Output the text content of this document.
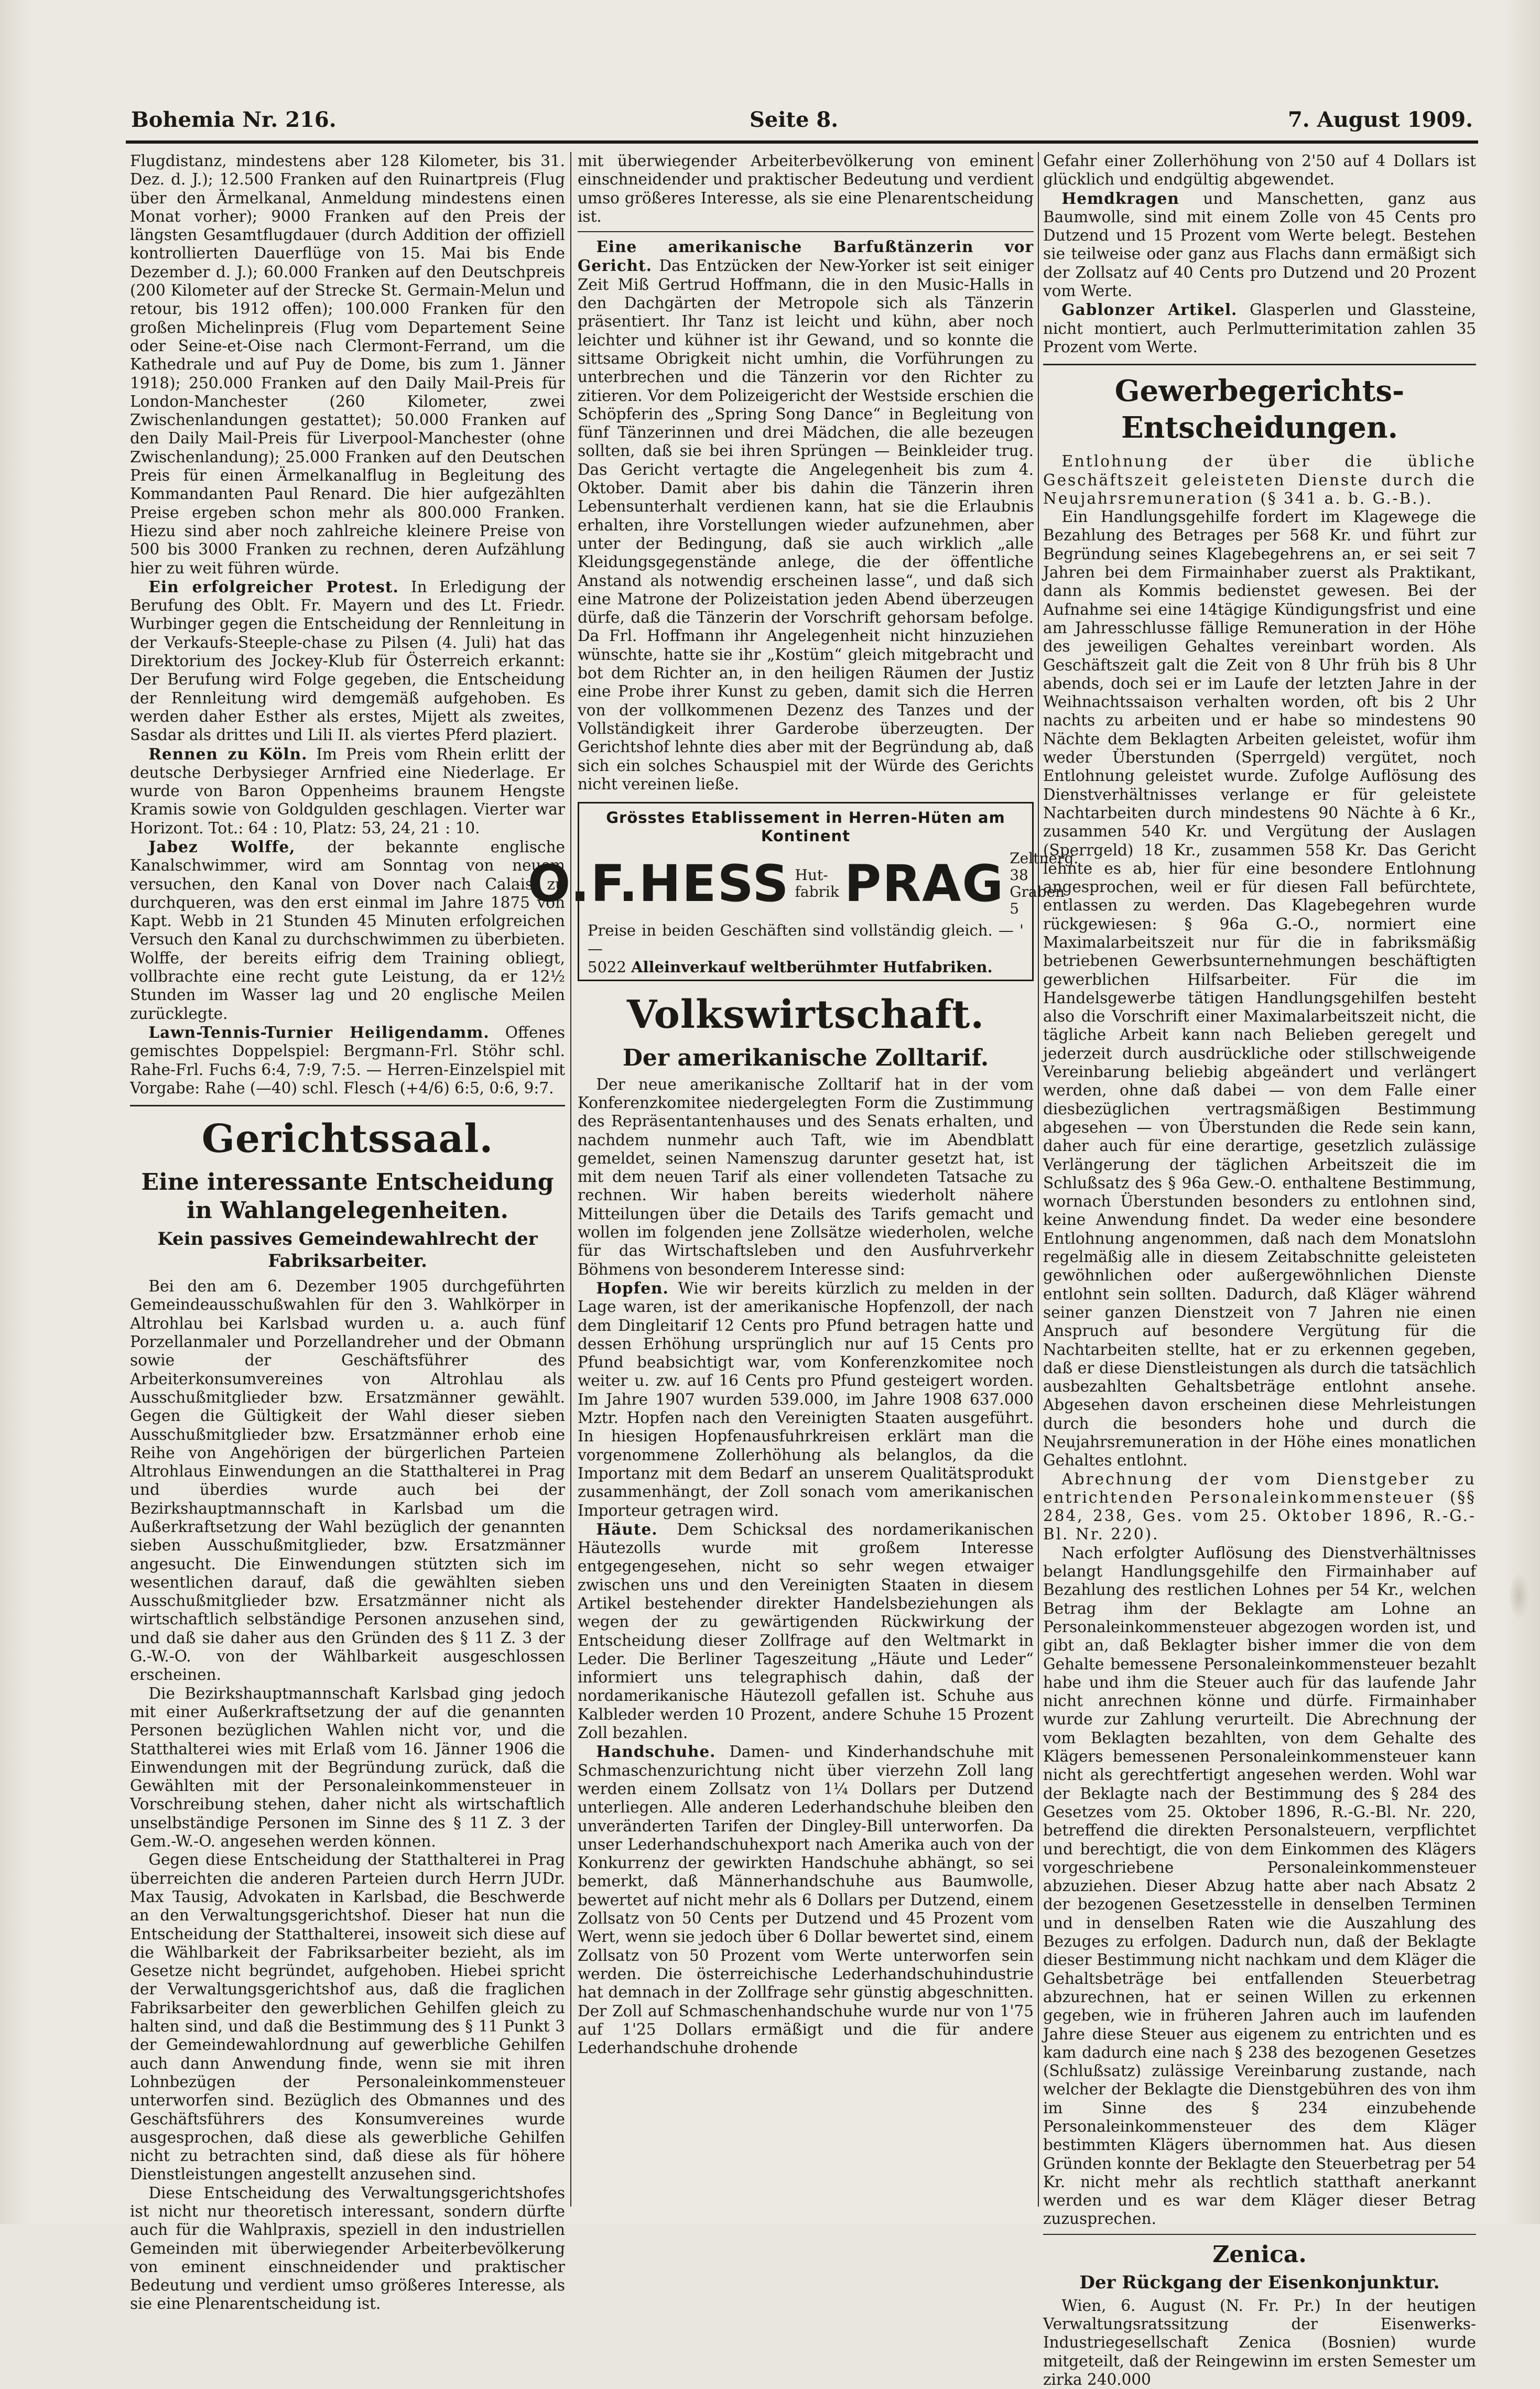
Bohemia Nr. 216.	Seite 8.	7. August 1909.

Flugdistanz, mindestens aber 128 Kilometer, bis 31. Dez. d. J.); 12.500 Franken auf den Ruinartpreis (Flug über den Ärmelkanal, Anmeldung mindestens einen Monat vorher); 9000 Franken auf den Preis der längsten Gesamtflugdauer (durch Addition der offiziell kontrollierten Dauerflüge von 15. Mai bis Ende Dezember d. J.); 60.000 Franken auf den Deutschpreis (200 Kilometer auf der Strecke St. Germain-Melun und retour, bis 1912 offen); 100.000 Franken für den großen Michelinpreis (Flug vom Departement Seine oder Seine-et-Oise nach Clermont-Ferrand, um die Kathedrale und auf Puy de Dome, bis zum 1. Jänner 1918); 250.000 Franken auf den Daily Mail-Preis für London-Manchester (260 Kilometer, zwei Zwischenlandungen gestattet); 50.000 Franken auf den Daily Mail-Preis für Liverpool-Manchester (ohne Zwischenlandung); 25.000 Franken auf den Deutschen Preis für einen Ärmelkanalflug in Begleitung des Kommandanten Paul Renard. Die hier aufgezählten Preise ergeben schon mehr als 800.000 Franken. Hiezu sind aber noch zahlreiche kleinere Preise von 500 bis 3000 Franken zu rechnen, deren Aufzählung hier zu weit führen würde.

Ein erfolgreicher Protest. In Erledigung der Berufung des Oblt. Fr. Mayern und des Lt. Friedr. Wurbinger gegen die Entscheidung der Rennleitung in der Verkaufs-Steeple-chase zu Pilsen (4. Juli) hat das Direktorium des Jockey-Klub für Österreich erkannt: Der Berufung wird Folge gegeben, die Entscheidung der Rennleitung wird demgemäß aufgehoben. Es werden daher Esther als erstes, Mijett als zweites, Sasdar als drittes und Lili II. als viertes Pferd plaziert.

Rennen zu Köln. Im Preis vom Rhein erlitt der deutsche Derbysieger Arnfried eine Niederlage. Er wurde von Baron Oppenheims braunem Hengste Kramis sowie von Goldgulden geschlagen. Vierter war Horizont. Tot.: 64 : 10, Platz: 53, 24, 21 : 10.

Jabez Wolffe, der bekannte englische Kanalschwimmer, wird am Sonntag von neuem versuchen, den Kanal von Dover nach Calais zu durchqueren, was den erst einmal im Jahre 1875 von Kapt. Webb in 21 Stunden 45 Minuten erfolgreichen Versuch den Kanal zu durchschwimmen zu überbieten. Wolffe, der bereits eifrig dem Training obliegt, vollbrachte eine recht gute Leistung, da er 12½ Stunden im Wasser lag und 20 englische Meilen zurücklegte.

Lawn-Tennis-Turnier Heiligendamm. Offenes gemischtes Doppelspiel: Bergmann-Frl. Stöhr schl. Rahe-Frl. Fuchs 6:4, 7:9, 7:5. — Herren-Einzelspiel mit Vorgabe: Rahe (—40) schl. Flesch (+4/6) 6:5, 0:6, 9:7.

Gerichtssaal.
Eine interessante Entscheidung in Wahlangelegenheiten.
Kein passives Gemeindewahlrecht der Fabriksarbeiter.

Bei den am 6. Dezember 1905 durchgeführten Gemeindeausschußwahlen für den 3. Wahlkörper in Altrohlau bei Karlsbad wurden u. a. auch fünf Porzellanmaler und Porzellandreher und der Obmann sowie der Geschäftsführer des Arbeiterkonsumvereines von Altrohlau als Ausschußmitglieder bzw. Ersatzmänner gewählt. Gegen die Gültigkeit der Wahl dieser sieben Ausschußmitglieder bzw. Ersatzmänner erhob eine Reihe von Angehörigen der bürgerlichen Parteien Altrohlaus Einwendungen an die Statthalterei in Prag und überdies wurde auch bei der Bezirkshauptmannschaft in Karlsbad um die Außerkraftsetzung der Wahl bezüglich der genannten sieben Ausschußmitglieder, bzw. Ersatzmänner angesucht. Die Einwendungen stützten sich im wesentlichen darauf, daß die gewählten sieben Ausschußmitglieder bzw. Ersatzmänner nicht als wirtschaftlich selbständige Personen anzusehen sind, und daß sie daher aus den Gründen des § 11 Z. 3 der G.-W.-O. von der Wählbarkeit ausgeschlossen erscheinen.

Die Bezirkshauptmannschaft Karlsbad ging jedoch mit einer Außerkraftsetzung der auf die genannten Personen bezüglichen Wahlen nicht vor, und die Statthalterei wies mit Erlaß vom 16. Jänner 1906 die Einwendungen mit der Begründung zurück, daß die Gewählten mit der Personaleinkommensteuer in Vorschreibung stehen, daher nicht als wirtschaftlich unselbständige Personen im Sinne des § 11 Z. 3 der Gem.-W.-O. angesehen werden können.

Gegen diese Entscheidung der Statthalterei in Prag überreichten die anderen Parteien durch Herrn JUDr. Max Tausig, Advokaten in Karlsbad, die Beschwerde an den Verwaltungsgerichtshof. Dieser hat nun die Entscheidung der Statthalterei, insoweit sich diese auf die Wählbarkeit der Fabriksarbeiter bezieht, als im Gesetze nicht begründet, aufgehoben. Hiebei spricht der Verwaltungsgerichtshof aus, daß die fraglichen Fabriksarbeiter den gewerblichen Gehilfen gleich zu halten sind, und daß die Bestimmung des § 11 Punkt 3 der Gemeindewahlordnung auf gewerbliche Gehilfen auch dann Anwendung finde, wenn sie mit ihren Lohnbezügen der Personaleinkommensteuer unterworfen sind. Bezüglich des Obmannes und des Geschäftsführers des Konsumvereines wurde ausgesprochen, daß diese als gewerbliche Gehilfen nicht zu betrachten sind, daß diese als für höhere Dienstleistungen angestellt anzusehen sind.

Diese Entscheidung des Verwaltungsgerichtshofes ist nicht nur theoretisch interessant, sondern dürfte auch für die Wahlpraxis, speziell in den industriellen Gemeinden mit überwiegender Arbeiterbevölkerung von eminent einschneidender und praktischer Bedeutung und verdient umso größeres Interesse, als sie eine Plenarentscheidung ist.

mit überwiegender Arbeiterbevölkerung von eminent einschneidender und praktischer Bedeutung und verdient umso größeres Interesse, als sie eine Plenarentscheidung ist.

Eine amerikanische Barfußtänzerin vor Gericht. Das Entzücken der New-Yorker ist seit einiger Zeit Miß Gertrud Hoffmann, die in den Music-Halls in den Dachgärten der Metropole sich als Tänzerin präsentiert. Ihr Tanz ist leicht und kühn, aber noch leichter und kühner ist ihr Gewand, und so konnte die sittsame Obrigkeit nicht umhin, die Vorführungen zu unterbrechen und die Tänzerin vor den Richter zu zitieren. Vor dem Polizeigericht der Westside erschien die Schöpferin des „Spring Song Dance“ in Begleitung von fünf Tänzerinnen und drei Mädchen, die alle bezeugen sollten, daß sie bei ihren Sprüngen — Beinkleider trug. Das Gericht vertagte die Angelegenheit bis zum 4. Oktober. Damit aber bis dahin die Tänzerin ihren Lebensunterhalt verdienen kann, hat sie die Erlaubnis erhalten, ihre Vorstellungen wieder aufzunehmen, aber unter der Bedingung, daß sie auch wirklich „alle Kleidungsgegenstände anlege, die der öffentliche Anstand als notwendig erscheinen lasse“, und daß sich eine Matrone der Polizeistation jeden Abend überzeugen dürfe, daß die Tänzerin der Vorschrift gehorsam befolge. Da Frl. Hoffmann ihr Angelegenheit nicht hinzuziehen wünschte, hatte sie ihr „Kostüm“ gleich mitgebracht und bot dem Richter an, in den heiligen Räumen der Justiz eine Probe ihrer Kunst zu geben, damit sich die Herren von der vollkommenen Dezenz des Tanzes und der Vollständigkeit ihrer Garderobe überzeugten. Der Gerichtshof lehnte dies aber mit der Begründung ab, daß sich ein solches Schauspiel mit der Würde des Gerichts nicht vereinen ließe.

Grösstes Etablissement in Herren-Hüten am Kontinent
O.F.HESS Hut-
fabrik PRAG Zeltnerg. 38
Graben 5
Preise in beiden Geschäften sind vollständig gleich. — ' —
5022 Alleinverkauf weltberühmter Hutfabriken.
Volkswirtschaft.
Der amerikanische Zolltarif.

Der neue amerikanische Zolltarif hat in der vom Konferenzkomitee niedergelegten Form die Zustimmung des Repräsentantenhauses und des Senats erhalten, und nachdem nunmehr auch Taft, wie im Abendblatt gemeldet, seinen Namenszug darunter gesetzt hat, ist mit dem neuen Tarif als einer vollendeten Tatsache zu rechnen. Wir haben bereits wiederholt nähere Mitteilungen über die Details des Tarifs gemacht und wollen im folgenden jene Zollsätze wiederholen, welche für das Wirtschaftsleben und den Ausfuhrverkehr Böhmens von besonderem Interesse sind:

Hopfen. Wie wir bereits kürzlich zu melden in der Lage waren, ist der amerikanische Hopfenzoll, der nach dem Dingleitarif 12 Cents pro Pfund betragen hatte und dessen Erhöhung ursprünglich nur auf 15 Cents pro Pfund beabsichtigt war, vom Konferenzkomitee noch weiter u. zw. auf 16 Cents pro Pfund gesteigert worden. Im Jahre 1907 wurden 539.000, im Jahre 1908 637.000 Mztr. Hopfen nach den Vereinigten Staaten ausgeführt. In hiesigen Hopfenausfuhrkreisen erklärt man die vorgenommene Zollerhöhung als belanglos, da die Importanz mit dem Bedarf an unserem Qualitätsprodukt zusammenhängt, der Zoll sonach vom amerikanischen Importeur getragen wird.

Häute. Dem Schicksal des nordamerikanischen Häutezolls wurde mit großem Interesse entgegengesehen, nicht so sehr wegen etwaiger zwischen uns und den Vereinigten Staaten in diesem Artikel bestehender direkter Handelsbeziehungen als wegen der zu gewärtigenden Rückwirkung der Entscheidung dieser Zollfrage auf den Weltmarkt in Leder. Die Berliner Tageszeitung „Häute und Leder“ informiert uns telegraphisch dahin, daß der nordamerikanische Häutezoll gefallen ist. Schuhe aus Kalbleder werden 10 Prozent, andere Schuhe 15 Prozent Zoll bezahlen.

Handschuhe. Damen- und Kinderhandschuhe mit Schmaschenzurichtung nicht über vierzehn Zoll lang werden einem Zollsatz von 1¼ Dollars per Dutzend unterliegen. Alle anderen Lederhandschuhe bleiben den unveränderten Tarifen der Dingley-Bill unterworfen. Da unser Lederhandschuhexport nach Amerika auch von der Konkurrenz der gewirkten Handschuhe abhängt, so sei bemerkt, daß Männerhandschuhe aus Baumwolle, bewertet auf nicht mehr als 6 Dollars per Dutzend, einem Zollsatz von 50 Cents per Dutzend und 45 Prozent vom Wert, wenn sie jedoch über 6 Dollar bewertet sind, einem Zollsatz von 50 Prozent vom Werte unterworfen sein werden. Die österreichische Lederhandschuhindustrie hat demnach in der Zollfrage sehr günstig abgeschnitten. Der Zoll auf Schmaschenhandschuhe wurde nur von 1'75 auf 1'25 Dollars ermäßigt und die für andere Lederhandschuhe drohende

Gefahr einer Zollerhöhung von 2'50 auf 4 Dollars ist glücklich und endgültig abgewendet.

Hemdkragen und Manschetten, ganz aus Baumwolle, sind mit einem Zolle von 45 Cents pro Dutzend und 15 Prozent vom Werte belegt. Bestehen sie teilweise oder ganz aus Flachs dann ermäßigt sich der Zollsatz auf 40 Cents pro Dutzend und 20 Prozent vom Werte.

Gablonzer Artikel. Glasperlen und Glassteine, nicht montiert, auch Perlmutterimitation zahlen 35 Prozent vom Werte.

Gewerbegerichts-Entscheidungen.

Entlohnung der über die übliche Geschäftszeit geleisteten Dienste durch die Neujahrsremuneration (§ 341 a. b. G.-B.).

Ein Handlungsgehilfe fordert im Klagewege die Bezahlung des Betrages per 568 Kr. und führt zur Begründung seines Klagebegehrens an, er sei seit 7 Jahren bei dem Firmainhaber zuerst als Praktikant, dann als Kommis bedienstet gewesen. Bei der Aufnahme sei eine 14tägige Kündigungsfrist und eine am Jahresschlusse fällige Remuneration in der Höhe des jeweiligen Gehaltes vereinbart worden. Als Geschäftszeit galt die Zeit von 8 Uhr früh bis 8 Uhr abends, doch sei er im Laufe der letzten Jahre in der Weihnachtssaison verhalten worden, oft bis 2 Uhr nachts zu arbeiten und er habe so mindestens 90 Nächte dem Beklagten Arbeiten geleistet, wofür ihm weder Überstunden (Sperrgeld) vergütet, noch Entlohnung geleistet wurde. Zufolge Auflösung des Dienstverhältnisses verlange er für geleistete Nachtarbeiten durch mindestens 90 Nächte à 6 Kr., zusammen 540 Kr. und Vergütung der Auslagen (Sperrgeld) 18 Kr., zusammen 558 Kr. Das Gericht lehnte es ab, hier für eine besondere Entlohnung angesprochen, weil er für diesen Fall befürchtete, entlassen zu werden. Das Klagebegehren wurde rückgewiesen: § 96a G.-O., normiert eine Maximalarbeitszeit nur für die in fabriksmäßig betriebenen Gewerbsunternehmungen beschäftigten gewerblichen Hilfsarbeiter. Für die im Handelsgewerbe tätigen Handlungsgehilfen besteht also die Vorschrift einer Maximalarbeitszeit nicht, die tägliche Arbeit kann nach Belieben geregelt und jederzeit durch ausdrückliche oder stillschweigende Vereinbarung beliebig abgeändert und verlängert werden, ohne daß dabei — von dem Falle einer diesbezüglichen vertragsmäßigen Bestimmung abgesehen — von Überstunden die Rede sein kann, daher auch für eine derartige, gesetzlich zulässige Verlängerung der täglichen Arbeitszeit die im Schlußsatz des § 96a Gew.-O. enthaltene Bestimmung, wornach Überstunden besonders zu entlohnen sind, keine Anwendung findet. Da weder eine besondere Entlohnung angenommen, daß nach dem Monatslohn regelmäßig alle in diesem Zeitabschnitte geleisteten gewöhnlichen oder außergewöhnlichen Dienste entlohnt sein sollten. Dadurch, daß Kläger während seiner ganzen Dienstzeit von 7 Jahren nie einen Anspruch auf besondere Vergütung für die Nachtarbeiten stellte, hat er zu erkennen gegeben, daß er diese Dienstleistungen als durch die tatsächlich ausbezahlten Gehaltsbeträge entlohnt ansehe. Abgesehen davon erscheinen diese Mehrleistungen durch die besonders hohe und durch die Neujahrsremuneration in der Höhe eines monatlichen Gehaltes entlohnt.

Abrechnung der vom Dienstgeber zu entrichtenden Personaleinkommensteuer (§§ 284, 238, Ges. vom 25. Oktober 1896, R.-G.-Bl. Nr. 220).

Nach erfolgter Auflösung des Dienstverhältnisses belangt Handlungsgehilfe den Firmainhaber auf Bezahlung des restlichen Lohnes per 54 Kr., welchen Betrag ihm der Beklagte am Lohne an Personaleinkommensteuer abgezogen worden ist, und gibt an, daß Beklagter bisher immer die von dem Gehalte bemessene Personaleinkommensteuer bezahlt habe und ihm die Steuer auch für das laufende Jahr nicht anrechnen könne und dürfe. Firmainhaber wurde zur Zahlung verurteilt. Die Abrechnung der vom Beklagten bezahlten, von dem Gehalte des Klägers bemessenen Personaleinkommensteuer kann nicht als gerechtfertigt angesehen werden. Wohl war der Beklagte nach der Bestimmung des § 284 des Gesetzes vom 25. Oktober 1896, R.-G.-Bl. Nr. 220, betreffend die direkten Personalsteuern, verpflichtet und berechtigt, die von dem Einkommen des Klägers vorgeschriebene Personaleinkommensteuer abzuziehen. Dieser Abzug hatte aber nach Absatz 2 der bezogenen Gesetzesstelle in denselben Terminen und in denselben Raten wie die Auszahlung des Bezuges zu erfolgen. Dadurch nun, daß der Beklagte dieser Bestimmung nicht nachkam und dem Kläger die Gehaltsbeträge bei entfallenden Steuerbetrag abzurechnen, hat er seinen Willen zu erkennen gegeben, wie in früheren Jahren auch im laufenden Jahre diese Steuer aus eigenem zu entrichten und es kam dadurch eine nach § 238 des bezogenen Gesetzes (Schlußsatz) zulässige Vereinbarung zustande, nach welcher der Beklagte die Dienstgebühren des von ihm im Sinne des § 234 einzubehende Personaleinkommensteuer des dem Kläger bestimmten Klägers übernommen hat. Aus diesen Gründen konnte der Beklagte den Steuerbetrag per 54 Kr. nicht mehr als rechtlich statthaft anerkannt werden und es war dem Kläger dieser Betrag zuzusprechen.

Zenica.
Der Rückgang der Eisenkonjunktur.

Wien, 6. August (N. Fr. Pr.) In der heutigen Verwaltungsratssitzung der Eisenwerks-Industriegesellschaft Zenica (Bosnien) wurde mitgeteilt, daß der Reingewinn im ersten Semester um zirka 240.000
